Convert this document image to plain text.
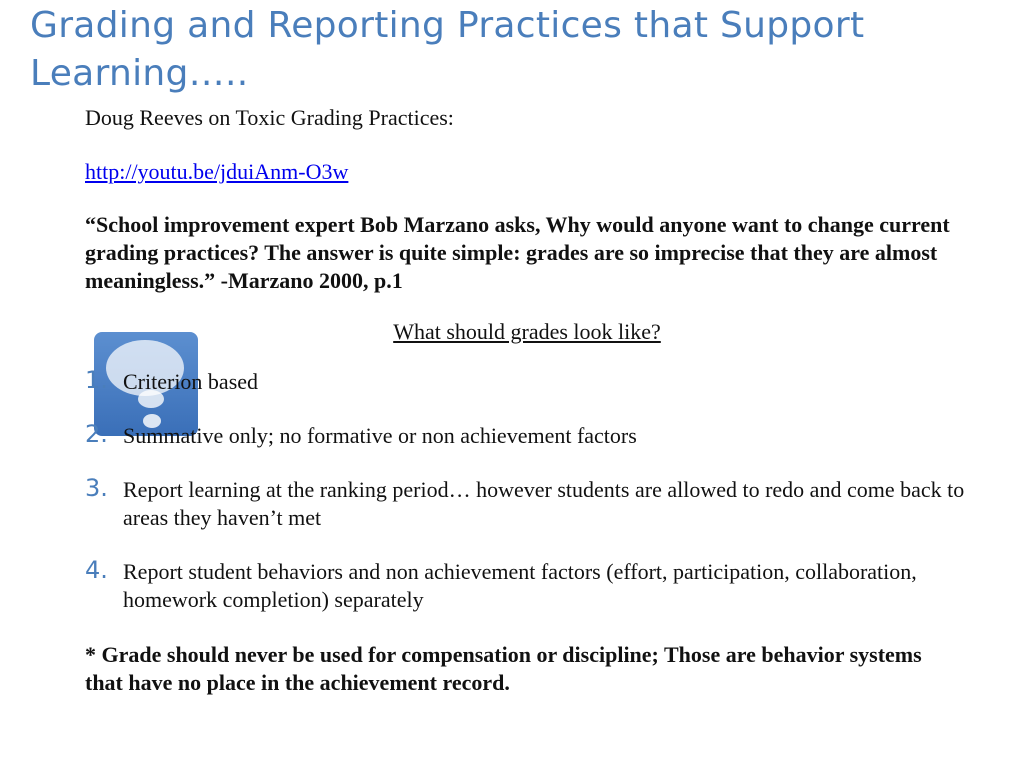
Grading and Reporting Practices that Support Learning…..
Doug Reeves on Toxic Grading Practices:
http://youtu.be/jduiAnm-O3w
“School improvement expert Bob Marzano asks, Why would anyone want to change current grading practices? The answer is quite simple: grades are so imprecise that they are almost meaningless.” -Marzano 2000, p.1
What should grades look like?
1. Criterion based
2. Summative only; no formative or non achievement factors
3. Report learning at the ranking period… however students are allowed to redo and come back to areas they haven’t met
4. Report student behaviors and non achievement factors (effort, participation, collaboration, homework completion) separately
* Grade should never be used for compensation or discipline; Those are behavior systems that have no place in the achievement record.
